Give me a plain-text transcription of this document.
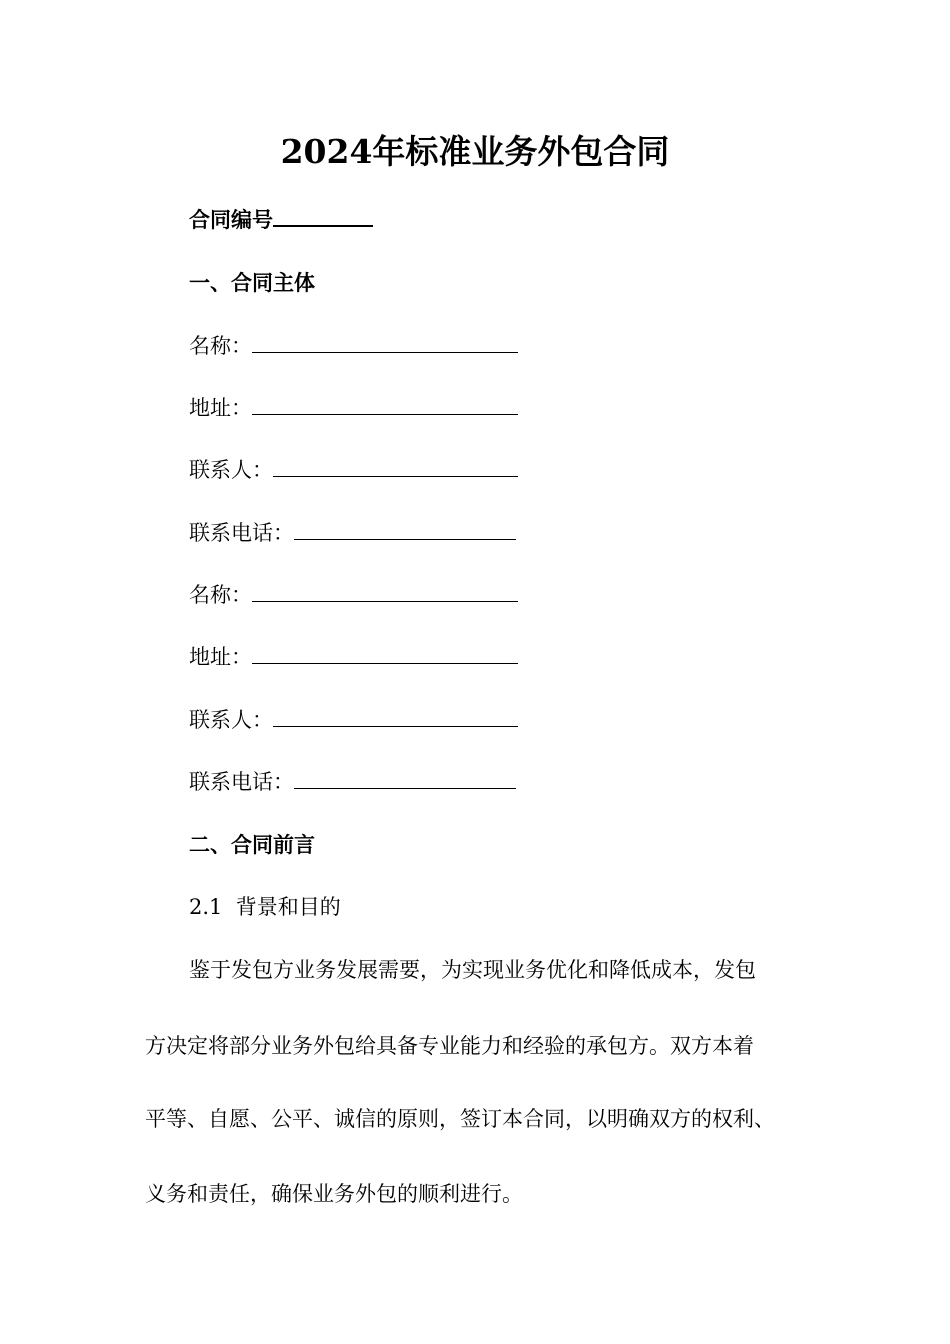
2024年标准业务外包合同
合同编号
一、合同主体
名称：
地址：
联系人：
联系电话：
名称：
地址：
联系人：
联系电话：
二、合同前言
2.1  背景和目的
鉴于发包方业务发展需要，为实现业务优化和降低成本，发包
方决定将部分业务外包给具备专业能力和经验的承包方。双方本着
平等、自愿、公平、诚信的原则，签订本合同，以明确双方的权利、
义务和责任，确保业务外包的顺利进行。
